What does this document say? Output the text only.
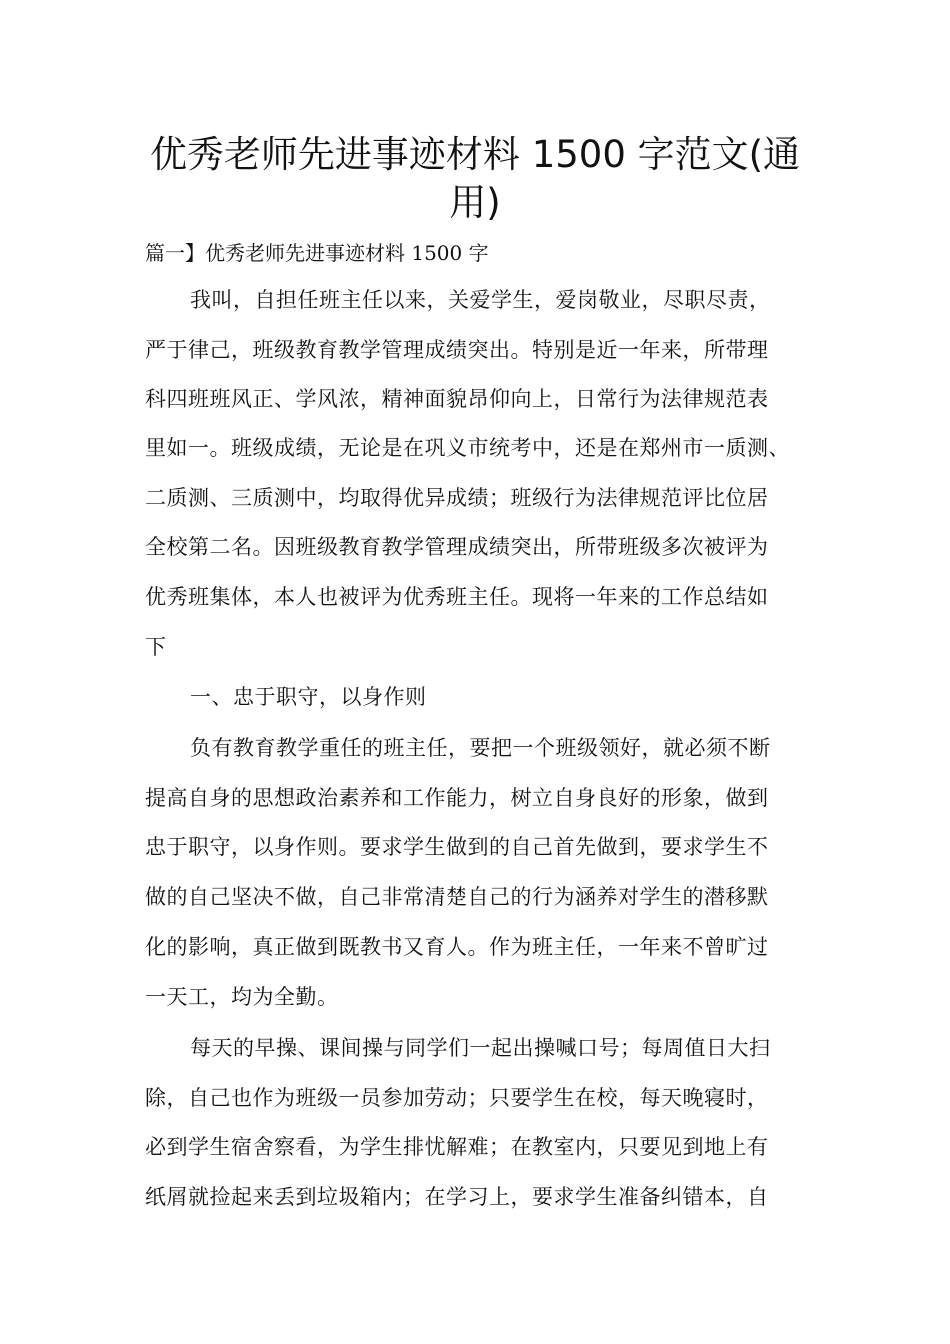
优秀老师先进事迹材料 1500 字范文(通
用)
篇一】优秀老师先进事迹材料 1500 字
我叫，自担任班主任以来，关爱学生，爱岗敬业，尽职尽责，
严于律己，班级教育教学管理成绩突出。特别是近一年来，所带理
科四班班风正、学风浓，精神面貌昂仰向上，日常行为法律规范表
里如一。班级成绩，无论是在巩义市统考中，还是在郑州市一质测、
二质测、三质测中，均取得优异成绩；班级行为法律规范评比位居
全校第二名。因班级教育教学管理成绩突出，所带班级多次被评为
优秀班集体，本人也被评为优秀班主任。现将一年来的工作总结如
下
一、忠于职守，以身作则
负有教育教学重任的班主任，要把一个班级领好，就必须不断
提高自身的思想政治素养和工作能力，树立自身良好的形象，做到
忠于职守，以身作则。要求学生做到的自己首先做到，要求学生不
做的自己坚决不做，自己非常清楚自己的行为涵养对学生的潜移默
化的影响，真正做到既教书又育人。作为班主任，一年来不曾旷过
一天工，均为全勤。
每天的早操、课间操与同学们一起出操喊口号；每周值日大扫
除，自己也作为班级一员参加劳动；只要学生在校，每天晚寝时，
必到学生宿舍察看，为学生排忧解难；在教室内，只要见到地上有
纸屑就捡起来丢到垃圾箱内；在学习上，要求学生准备纠错本，自
